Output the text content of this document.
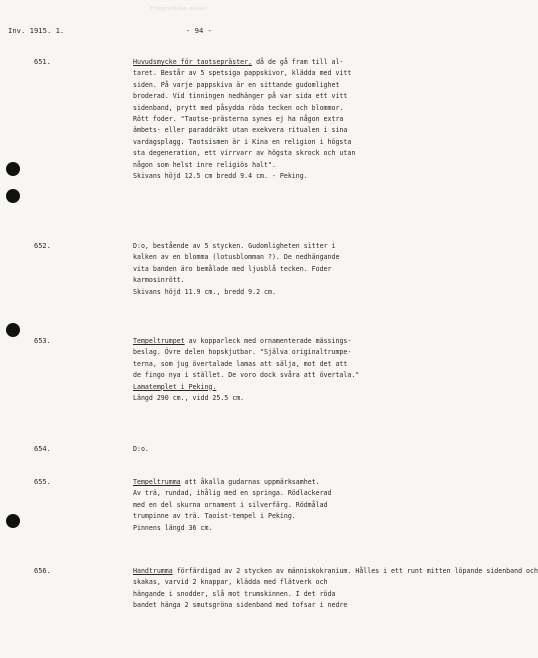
Etnografiska museet
Inv. 1915. 1.	- 94 -
651.	Huvudsmycke för taotsepräster, då de gå fram till al-
taret. Består av 5 spetsiga pappskivor, klädda med vitt
siden. På varje pappskiva är en sittande gudomlighet
broderad. Vid tinningen nedhänger på var sida ett vitt
sidenband, prytt med påsydda röda tecken och blommor.
Rött foder. "Taotse-prästerna synes ej ha någon extra
ämbets- eller paraddräkt utan exekvera ritualen i sina
vardagsplagg. Taotsismen är i Kina en religion i högsta
sta degeneration, ett virrvarr av högsta skrock och utan
någon som helst inre religiös halt".
Skivans höjd 12.5 cm bredd 9.4 cm. - Peking.
652.	D:o, bestående av 5 stycken. Gudomligheten sitter i
kalken av en blomma (lotusblomman ?). De nedhängande
vita banden äro bemålade med ljusblå tecken. Foder
karmosinrött.
Skivans höjd 11.9 cm., bredd 9.2 cm.
653.	Tempeltrumpet av kopparleck med ornamenterade mässings-
beslag. Övre delen hopskjutbar. "Själva originaltrumpe-
terna, som jug övertalade lamas att sälja, mot det att
de fingo nya i stället. De voro dock svåra att övertala."
Lamatemplet i Peking.
Längd 290 cm., vidd 25.5 cm.
654.	D:o.
655.	Tempeltrumma att åkalla gudarnas uppmärksamhet.
Av trä, rundad, ihålig med en springa. Rödlackerad
med en del skurna ornament i silverfärg. Rödmålad
trumpinne av trä. Taoist-tempel i Peking.
Pinnens längd 36 cm.
656.	Handtrumma förfärdigad av 2 stycken av människokranium. Hålles i ett runt mitten löpande sidenband och
skakas, varvid 2 knappar, klädda med flätverk och
hängande i snodder, slå mot trumskinnen. I det röda
bandet hänga 2 smutsgröna sidenband med tofsar i nedre
